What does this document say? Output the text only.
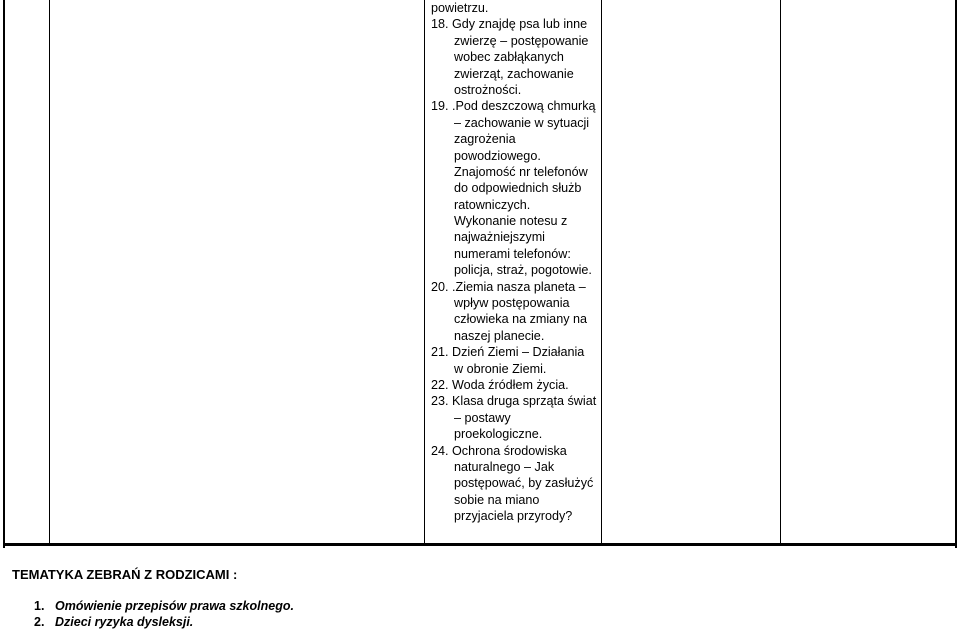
powietrzu.
18. Gdy znajdę psa lub inne
zwierzę – postępowanie
wobec zabłąkanych
zwierząt, zachowanie
ostrożności.
19. .Pod deszczową chmurką
– zachowanie w sytuacji
zagrożenia
powodziowego.
Znajomość nr telefonów
do odpowiednich służb
ratowniczych.
Wykonanie notesu z
najważniejszymi
numerami telefonów:
policja, straż, pogotowie.
20. .Ziemia nasza planeta –
wpływ postępowania
człowieka na zmiany na
naszej planecie.
21. Dzień Ziemi – Działania
w obronie Ziemi.
22. Woda źródłem życia.
23. Klasa druga sprząta świat
– postawy
proekologiczne.
24. Ochrona środowiska
naturalnego – Jak
postępować, by zasłużyć
sobie na miano
przyjaciela przyrody?
TEMATYKA ZEBRAŃ Z RODZICAMI :
1. Omówienie przepisów prawa szkolnego.
2. Dzieci ryzyka dysleksji.
